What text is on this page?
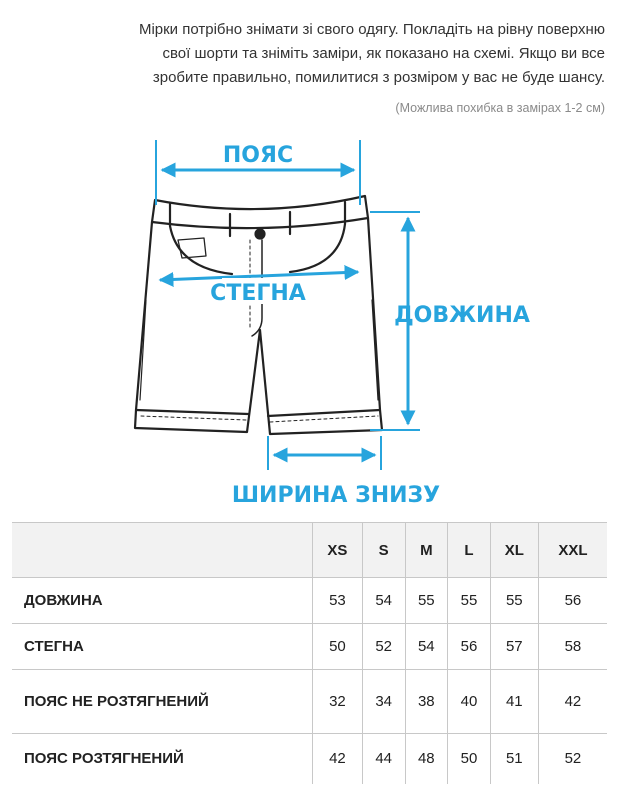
Мірки потрібно знімати зі свого одягу. Покладіть на рівну поверхню
свої шорти та зніміть заміри, як показано на схемі. Якщо ви все
зробите правильно, помилитися з розміром у вас не буде шансу.
(Можлива похибка в замірах 1-2 см)
ПОЯС
СТЕГНА
ДОВЖИНА
ШИРИНА ЗНИЗУ
	XS	S	M	L	XL	XXL
ДОВЖИНА	53	54	55	55	55	56
СТЕГНА	50	52	54	56	57	58
ПОЯС НЕ РОЗТЯГНЕНИЙ	32	34	38	40	41	42
ПОЯС РОЗТЯГНЕНИЙ	42	44	48	50	51	52
